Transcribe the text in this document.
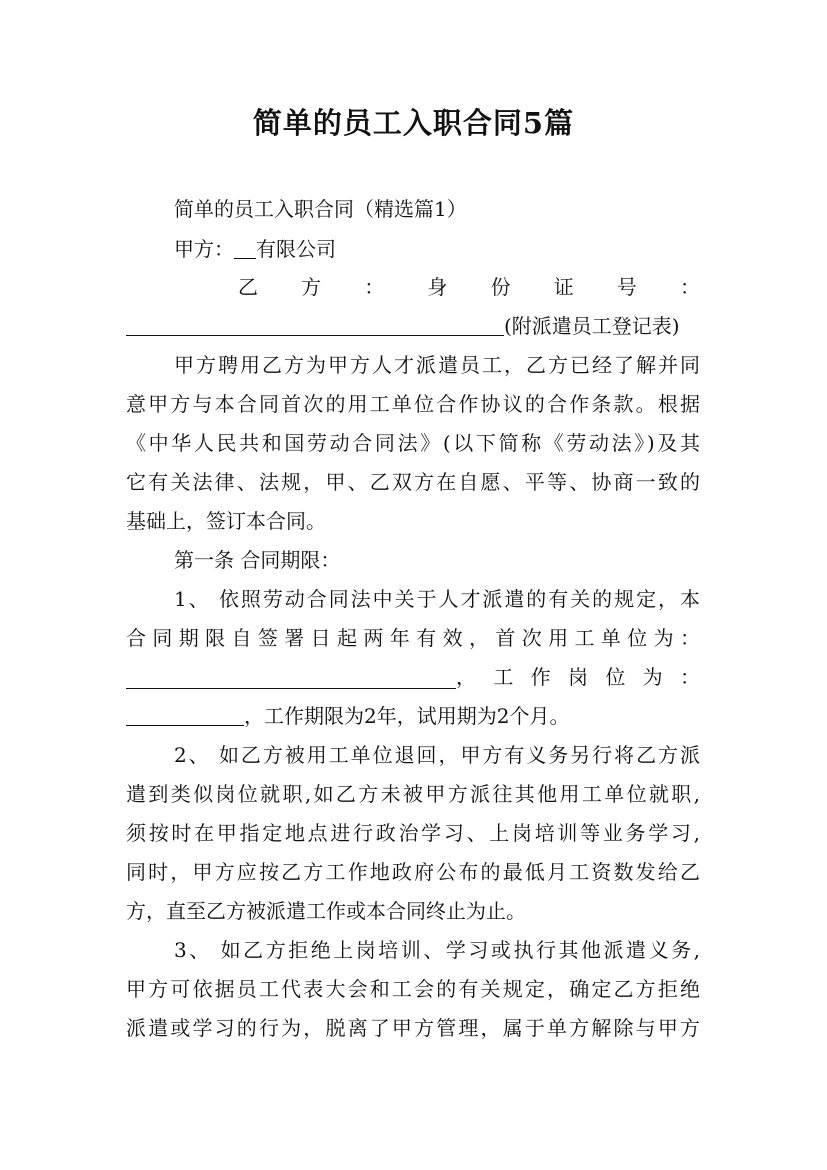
简单的员工入职合同5篇

简单的员工入职合同（精选篇1）

甲方： 有限公司

乙方：身份证号：

(附派遣员工登记表)

甲方聘用乙方为甲方人才派遣员工，乙方已经了解并同

意甲方与本合同首次的用工单位合作协议的合作条款。根据

《中华人民共和国劳动合同法》(以下简称《劳动法》)及其

它有关法律、法规，甲、乙双方在自愿、平等、协商一致的

基础上，签订本合同。

第一条 合同期限：

1、 依照劳动合同法中关于人才派遣的有关的规定，本

合同期限自签署日起两年有效，首次用工单位为：

，工作岗位为：

，工作期限为2年，试用期为2个月。

2、 如乙方被用工单位退回，甲方有义务另行将乙方派

遣到类似岗位就职,如乙方未被甲方派往其他用工单位就职,

须按时在甲指定地点进行政治学习、上岗培训等业务学习,

同时，甲方应按乙方工作地政府公布的最低月工资数发给乙

方，直至乙方被派遣工作或本合同终止为止。

3、 如乙方拒绝上岗培训、学习或执行其他派遣义务,

甲方可依据员工代表大会和工会的有关规定，确定乙方拒绝

派遣或学习的行为，脱离了甲方管理，属于单方解除与甲方
